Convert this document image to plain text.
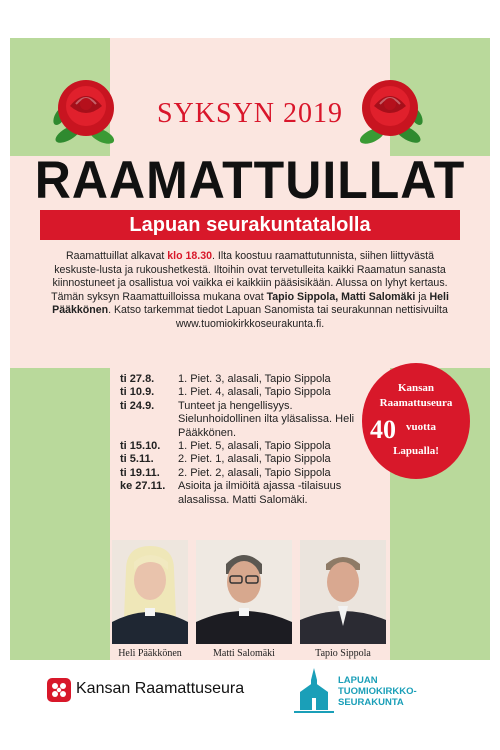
SYKSYN 2019
RAAMATTUILLAT
Lapuan seurakuntatalolla
Raamattuillat alkavat klo 18.30. Ilta koostuu raamattutunnista, siihen liittyvästä keskuste-lusta ja rukoushetkestä. Iltoihin ovat tervetulleita kaikki Raamatun sanasta kiinnostuneet ja osallistua voi vaikka ei kaikkiin pääsisikään. Alussa on lyhyt kertaus.
Tämän syksyn Raamattuilloissa mukana ovat Tapio Sippola, Matti Salomäki ja Heli Pääkkönen. Katso tarkemmat tiedot Lapuan Sanomista tai seurakunnan nettisivuilta
www.tuomiokirkkoseurakunta.fi.
ti 27.8.	1. Piet. 3, alasali, Tapio Sippola
ti 10.9.	1. Piet. 4, alasali, Tapio Sippola
ti 24.9.	Tunteet ja hengellisyys. Sielunhoidollinen ilta yläsalissa. Heli Pääkkönen.
ti 15.10.	1. Piet. 5, alasali, Tapio Sippola
ti 5.11.	2. Piet. 1, alasali, Tapio Sippola
ti 19.11.	2. Piet. 2, alasali, Tapio Sippola
ke 27.11.	Asioita ja ilmiöitä ajassa -tilaisuus alasalissa. Matti Salomäki.
Kansan
Raamattuseura
40 vuotta
Lapualla!
Heli Pääkkönen	Matti Salomäki	Tapio Sippola
Kansan Raamattuseura	LAPUAN
TUOMIOKIRKKO-
SEURAKUNTA
